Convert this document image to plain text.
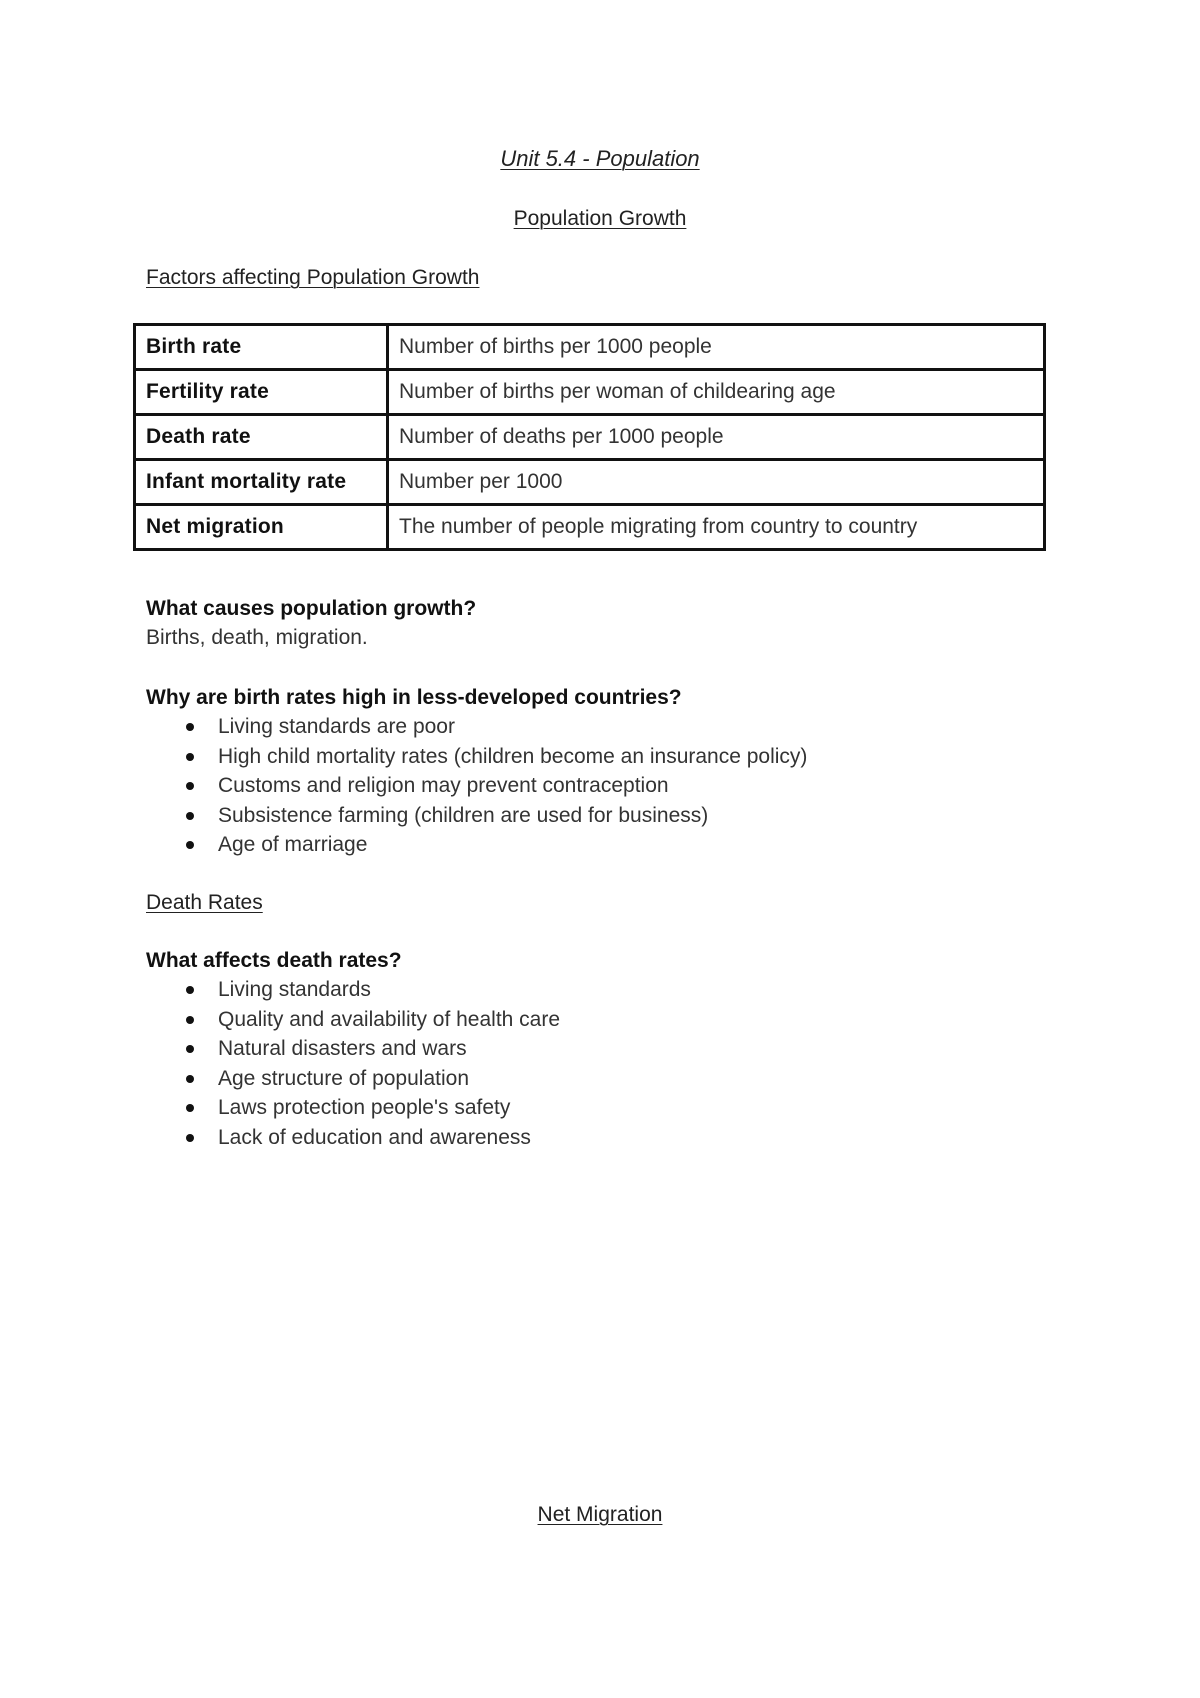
Unit 5.4 - Population
Population Growth
Factors affecting Population Growth
Birth rate	Number of births per 1000 people
Fertility rate	Number of births per woman of childearing age
Death rate	Number of deaths per 1000 people
Infant mortality rate	Number per 1000
Net migration	The number of people migrating from country to country
What causes population growth?
Births, death, migration.
Why are birth rates high in less-developed countries?
Living standards are poor
High child mortality rates (children become an insurance policy)
Customs and religion may prevent contraception
Subsistence farming (children are used for business)
Age of marriage
Death Rates
What affects death rates?
Living standards
Quality and availability of health care
Natural disasters and wars
Age structure of population
Laws protection people's safety
Lack of education and awareness
Net Migration
